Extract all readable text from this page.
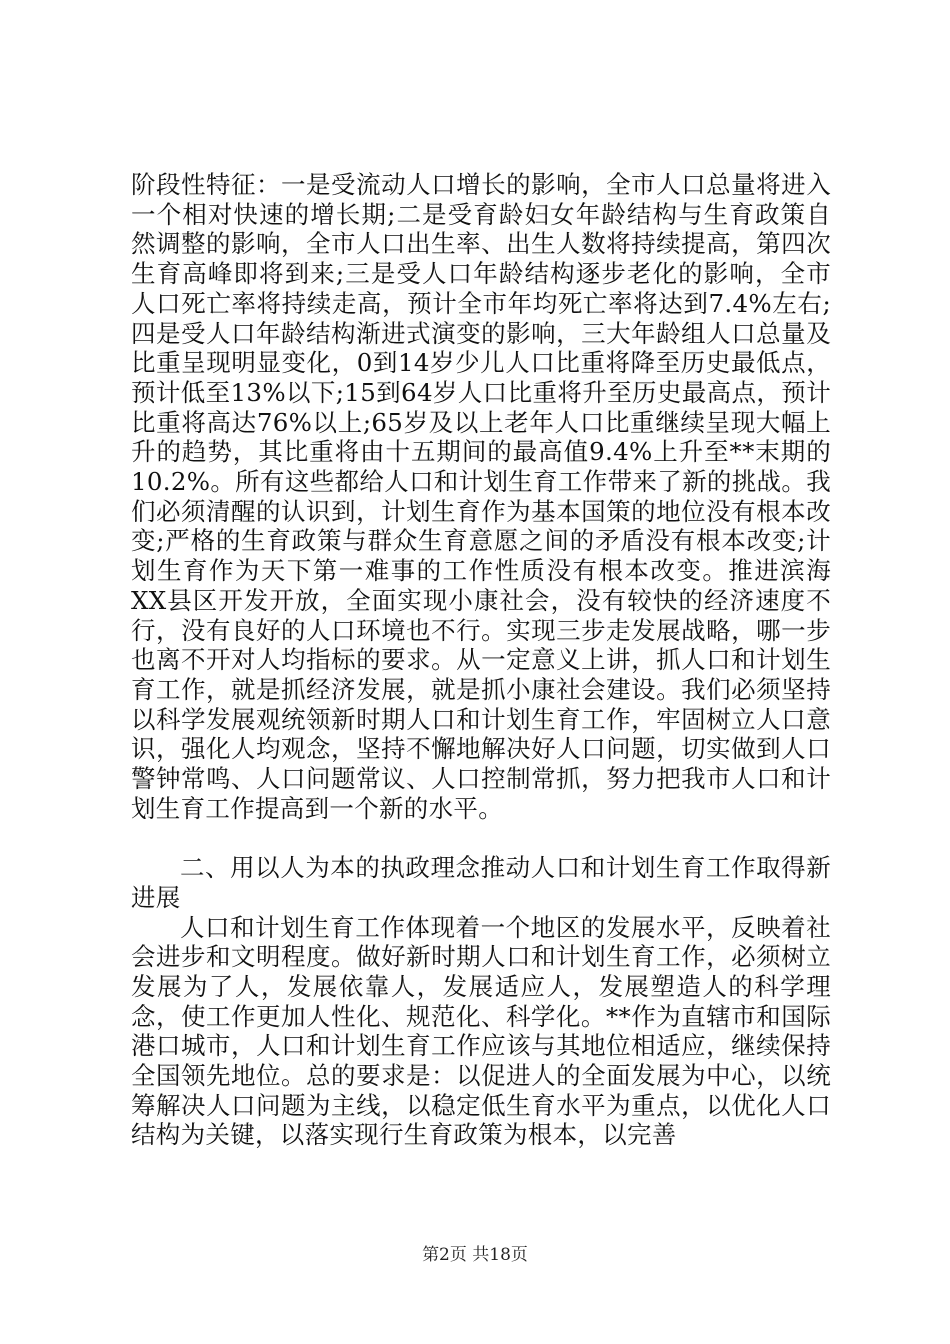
阶段性特征：一是受流动人口增长的影响，全市人口总量将进入一个相对快速的增长期;二是受育龄妇女年龄结构与生育政策自然调整的影响，全市人口出生率、出生人数将持续提高，第四次生育高峰即将到来;三是受人口年龄结构逐步老化的影响，全市人口死亡率将持续走高，预计全市年均死亡率将达到7.4%左右;四是受人口年龄结构渐进式演变的影响，三大年龄组人口总量及比重呈现明显变化，0到14岁少儿人口比重将降至历史最低点，预计低至13%以下;15到64岁人口比重将升至历史最高点，预计比重将高达76%以上;65岁及以上老年人口比重继续呈现大幅上升的趋势，其比重将由十五期间的最高值9.4%上升至**末期的10.2%。所有这些都给人口和计划生育工作带来了新的挑战。我们必须清醒的认识到，计划生育作为基本国策的地位没有根本改变;严格的生育政策与群众生育意愿之间的矛盾没有根本改变;计划生育作为天下第一难事的工作性质没有根本改变。推进滨海XX县区开发开放，全面实现小康社会，没有较快的经济速度不行，没有良好的人口环境也不行。实现三步走发展战略，哪一步也离不开对人均指标的要求。从一定意义上讲，抓人口和计划生育工作，就是抓经济发展，就是抓小康社会建设。我们必须坚持以科学发展观统领新时期人口和计划生育工作，牢固树立人口意识，强化人均观念，坚持不懈地解决好人口问题，切实做到人口警钟常鸣、人口问题常议、人口控制常抓，努力把我市人口和计划生育工作提高到一个新的水平。

二、用以人为本的执政理念推动人口和计划生育工作取得新进展

人口和计划生育工作体现着一个地区的发展水平，反映着社会进步和文明程度。做好新时期人口和计划生育工作，必须树立发展为了人，发展依靠人，发展适应人，发展塑造人的科学理念，使工作更加人性化、规范化、科学化。**作为直辖市和国际港口城市，人口和计划生育工作应该与其地位相适应，继续保持全国领先地位。总的要求是：以促进人的全面发展为中心，以统筹解决人口问题为主线，以稳定低生育水平为重点，以优化人口结构为关键，以落实现行生育政策为根本，以完善

第2页 共18页
